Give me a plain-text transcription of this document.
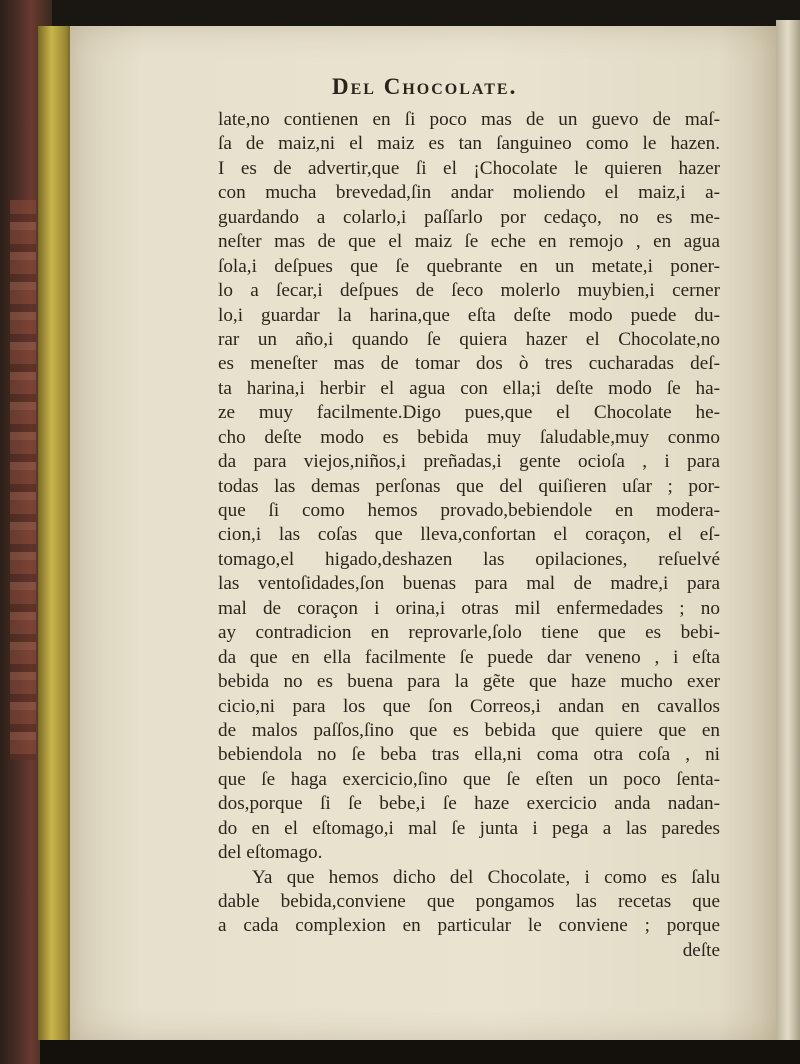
Del Chocolate.
late,no contienen en ſi poco mas de un guevo de maſ-
ſa de maiz,ni el maiz es tan ſanguineo como le hazen.
I es de advertir,que ſi el ¡Chocolate le quieren hazer
con mucha brevedad,ſin andar moliendo el maiz,i a-
guardando a colarlo,i paſſarlo por cedaço, no es me-
neſter mas de que el maiz ſe eche en remojo , en agua
ſola,i deſpues que ſe quebrante en un metate,i poner-
lo a ſecar,i deſpues de ſeco molerlo muybien,i cerner
lo,i guardar la harina,que eſta deſte modo puede du-
rar un año,i quando ſe quiera hazer el Chocolate,no
es meneſter mas de tomar dos ò tres cucharadas deſ-
ta harina,i herbir el agua con ella;i deſte modo ſe ha-
ze muy facilmente.Digo pues,que el Chocolate he-
cho deſte modo es bebida muy ſaludable,muy conmo
da para viejos,niños,i preñadas,i gente ocioſa , i para
todas las demas perſonas que del quiſieren uſar ; por-
que ſi como hemos provado,bebiendole en modera-
cion,i las coſas que lleva,confortan el coraçon, el eſ-
tomago,el higado,deshazen las opilaciones, reſuelvé
las ventoſidades,ſon buenas para mal de madre,i para
mal de coraçon i orina,i otras mil enfermedades ; no
ay contradicion en reprovarle,ſolo tiene que es bebi-
da que en ella facilmente ſe puede dar veneno , i eſta
bebida no es buena para la gẽte que haze mucho exer
cicio,ni para los que ſon Correos,i andan en cavallos
de malos paſſos,ſino que es bebida que quiere que en
bebiendola no ſe beba tras ella,ni coma otra coſa , ni
que ſe haga exercicio,ſino que ſe eſten un poco ſenta-
dos,porque ſi ſe bebe,i ſe haze exercicio anda nadan-
do en el eſtomago,i mal ſe junta i pega a las paredes
del eſtomago.
Ya que hemos dicho del Chocolate, i como es ſalu
dable bebida,conviene que pongamos las recetas que
a cada complexion en particular le conviene ; porque
deſte
